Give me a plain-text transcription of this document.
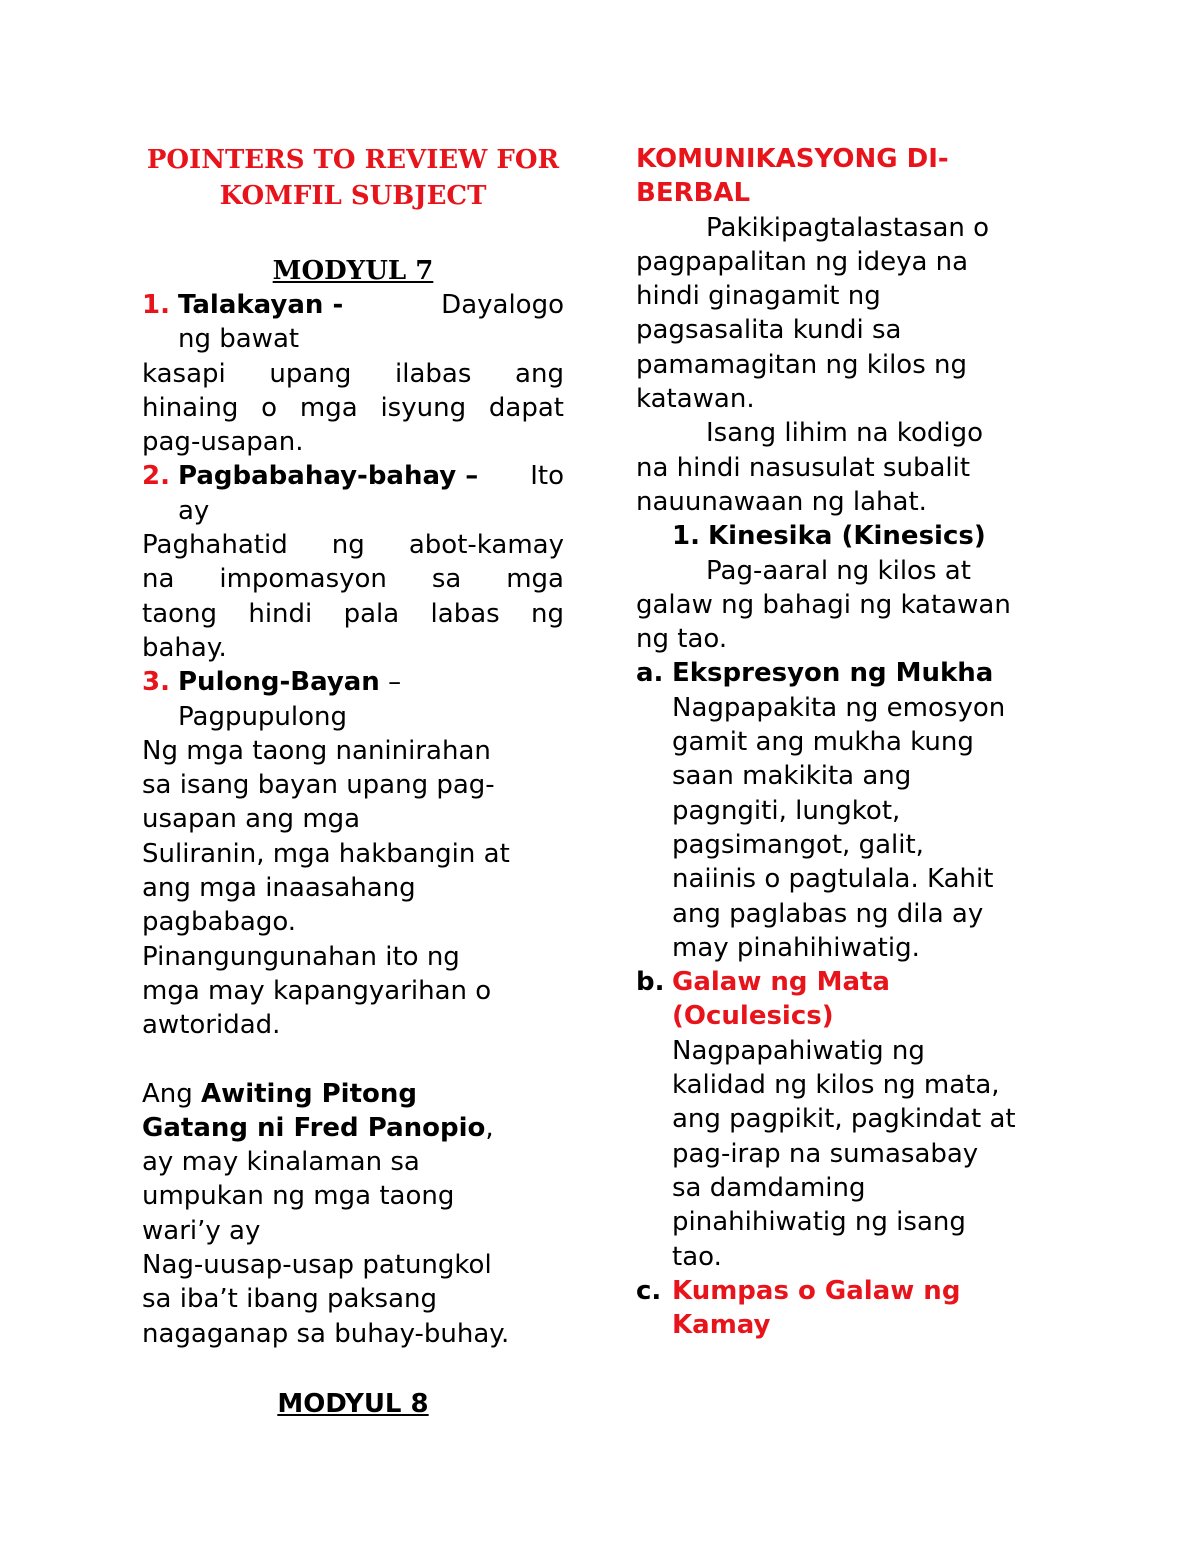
POINTERS TO REVIEW FOR
KOMFIL SUBJECT
MODYUL 7
1. Talakayan -	Dayalogo
ng bawat
kasapi upang ilabas ang
hinaing o mga isyung dapat
pag-usapan.
2. Pagbabahay-bahay – Ito
ay
Paghahatid ng abot-kamay
na impomasyon sa mga
taong hindi pala labas ng
bahay.
3. Pulong-Bayan –
Pagpupulong
Ng mga taong naninirahan
sa isang bayan upang pag-
usapan ang mga
Suliranin, mga hakbangin at
ang mga inaasahang
pagbabago.
Pinangungunahan ito ng
mga may kapangyarihan o
awtoridad.
Ang Awiting Pitong
Gatang ni Fred Panopio,
ay may kinalaman sa
umpukan ng mga taong
wari’y ay
Nag-uusap-usap patungkol
sa iba’t ibang paksang
nagaganap sa buhay-buhay.
MODYUL 8
KOMUNIKASYONG DI-
BERBAL
Pakikipagtalastasan o
pagpapalitan ng ideya na
hindi ginagamit ng
pagsasalita kundi sa
pamamagitan ng kilos ng
katawan.
Isang lihim na kodigo
na hindi nasusulat subalit
nauunawaan ng lahat.
1. Kinesika (Kinesics)
Pag-aaral ng kilos at
galaw ng bahagi ng katawan
ng tao.
a. Ekspresyon ng Mukha
Nagpapakita ng emosyon
gamit ang mukha kung
saan makikita ang
pagngiti, lungkot,
pagsimangot, galit,
naiinis o pagtulala. Kahit
ang paglabas ng dila ay
may pinahihiwatig.
b. Galaw ng Mata
(Oculesics)
Nagpapahiwatig ng
kalidad ng kilos ng mata,
ang pagpikit, pagkindat at
pag-irap na sumasabay
sa damdaming
pinahihiwatig ng isang
tao.
c. Kumpas o Galaw ng
Kamay
